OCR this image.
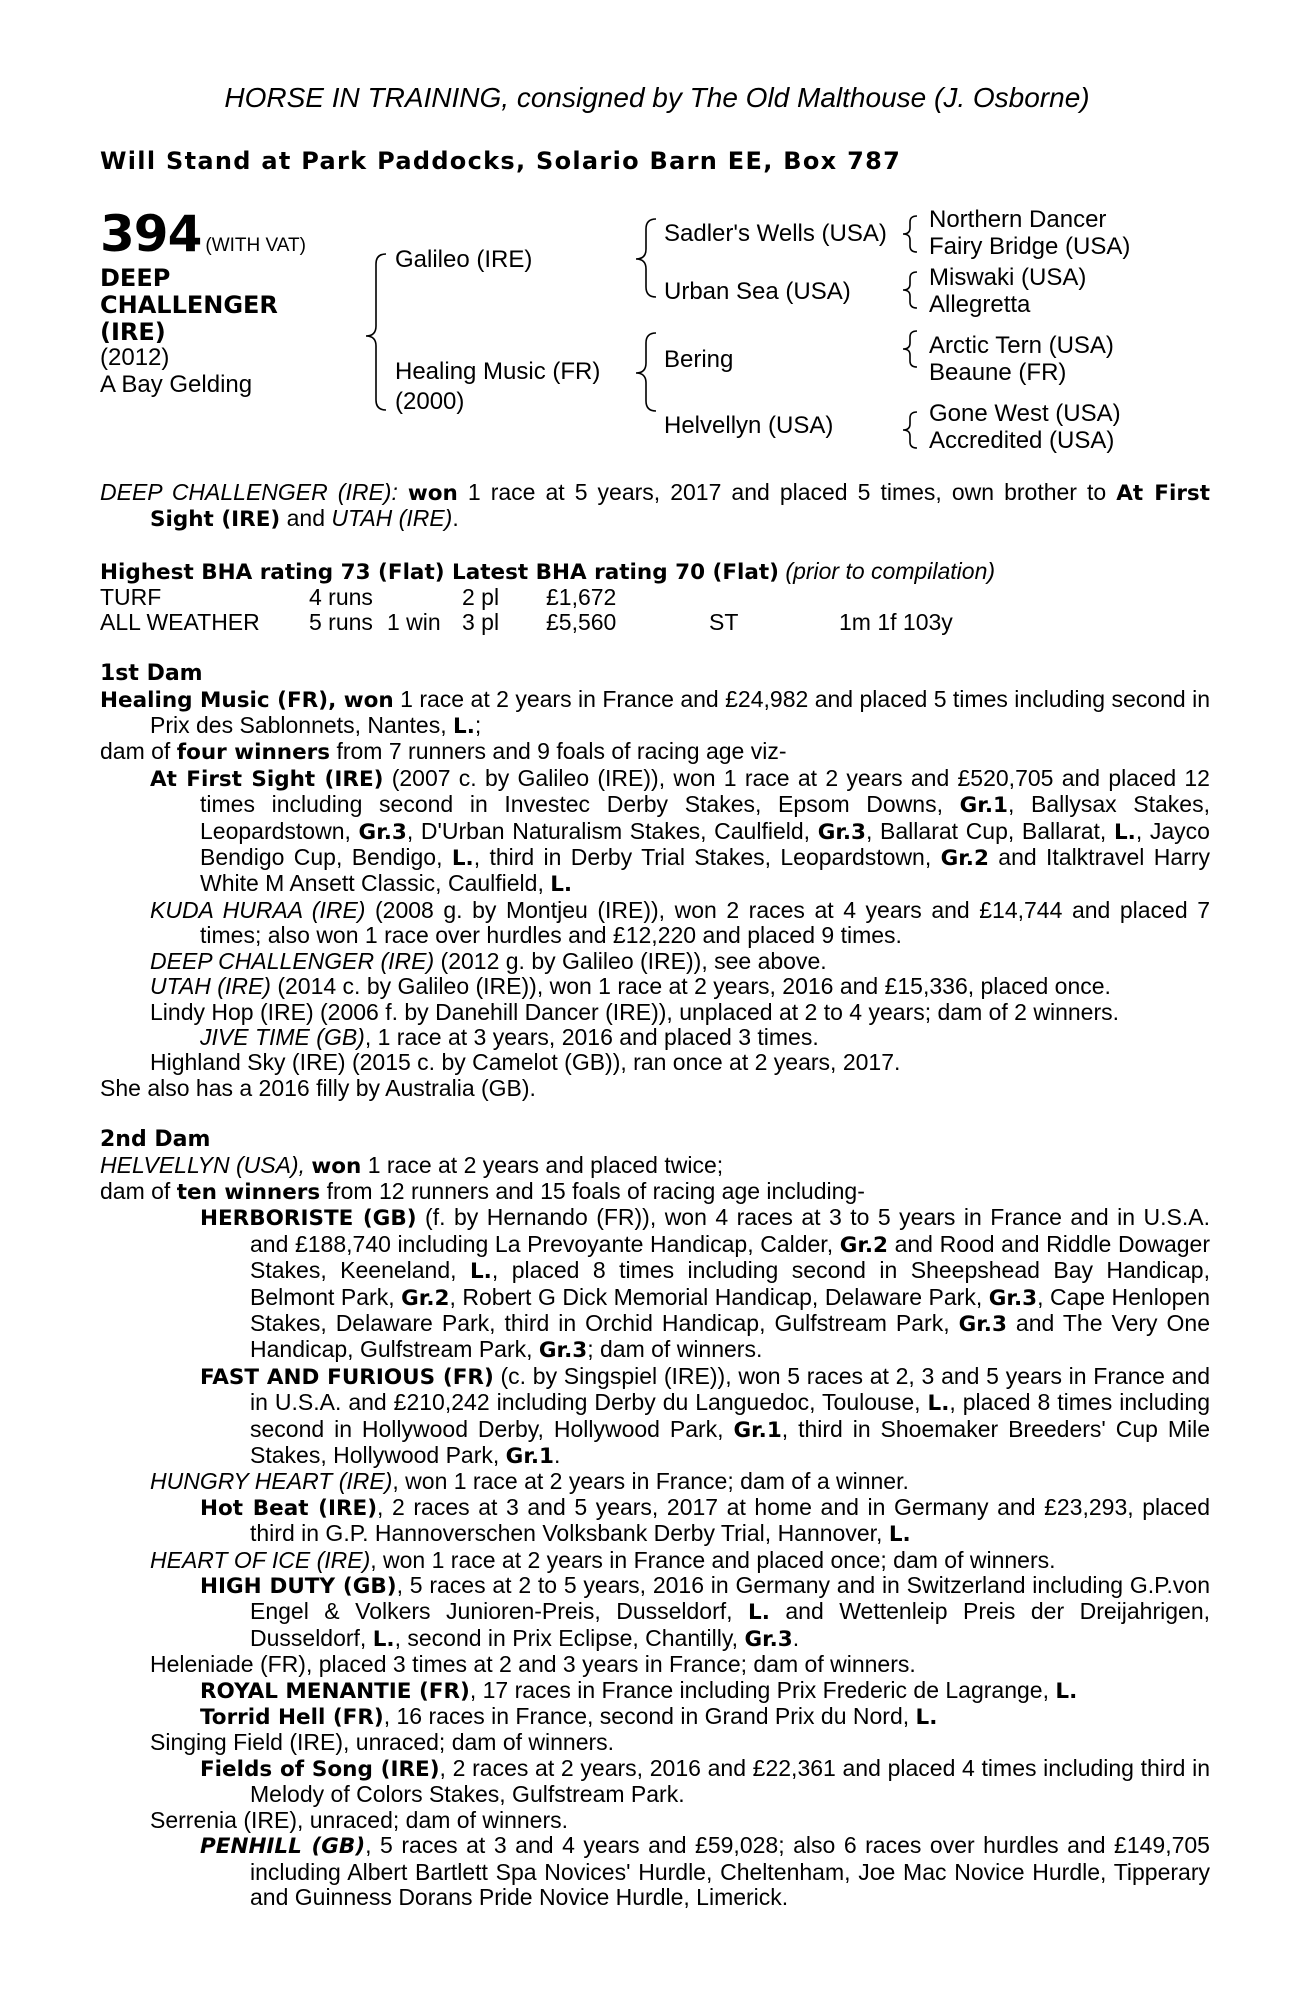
HORSE IN TRAINING, consigned by The Old Malthouse (J. Osborne)
Will Stand at Park Paddocks, Solario Barn EE, Box 787
394 (WITH VAT)
DEEP
CHALLENGER
(IRE)
(2012)
A Bay Gelding
Galileo (IRE)
Healing Music (FR)
(2000)
Sadler's Wells (USA)
Urban Sea (USA)
Bering
Helvellyn (USA)
Northern Dancer
Fairy Bridge (USA)
Miswaki (USA)
Allegretta
Arctic Tern (USA)
Beaune (FR)
Gone West (USA)
Accredited (USA)

DEEP CHALLENGER (IRE): won 1 race at 5 years, 2017 and placed 5 times, own brother to At First Sight (IRE) and UTAH (IRE).

Highest BHA rating 73 (Flat) Latest BHA rating 70 (Flat) (prior to compilation)

TURF	4 runs		2 pl	£1,672		
ALL WEATHER	5 runs	1 win	3 pl	£5,560	ST	1m 1f 103y

1st Dam

Healing Music (FR), won 1 race at 2 years in France and £24,982 and placed 5 times including second in Prix des Sablonnets, Nantes, L.;

dam of four winners from 7 runners and 9 foals of racing age viz-

At First Sight (IRE) (2007 c. by Galileo (IRE)), won 1 race at 2 years and £520,705 and placed 12 times including second in Investec Derby Stakes, Epsom Downs, Gr.1, Ballysax Stakes, Leopardstown, Gr.3, D'Urban Naturalism Stakes, Caulfield, Gr.3, Ballarat Cup, Ballarat, L., Jayco Bendigo Cup, Bendigo, L., third in Derby Trial Stakes, Leopardstown, Gr.2 and Italktravel Harry White M Ansett Classic, Caulfield, L.

KUDA HURAA (IRE) (2008 g. by Montjeu (IRE)), won 2 races at 4 years and £14,744 and placed 7 times; also won 1 race over hurdles and £12,220 and placed 9 times.

DEEP CHALLENGER (IRE) (2012 g. by Galileo (IRE)), see above.

UTAH (IRE) (2014 c. by Galileo (IRE)), won 1 race at 2 years, 2016 and £15,336, placed once.

Lindy Hop (IRE) (2006 f. by Danehill Dancer (IRE)), unplaced at 2 to 4 years; dam of 2 winners.

JIVE TIME (GB), 1 race at 3 years, 2016 and placed 3 times.

Highland Sky (IRE) (2015 c. by Camelot (GB)), ran once at 2 years, 2017.

She also has a 2016 filly by Australia (GB).

2nd Dam

HELVELLYN (USA), won 1 race at 2 years and placed twice;

dam of ten winners from 12 runners and 15 foals of racing age including-

HERBORISTE (GB) (f. by Hernando (FR)), won 4 races at 3 to 5 years in France and in U.S.A. and £188,740 including La Prevoyante Handicap, Calder, Gr.2 and Rood and Riddle Dowager Stakes, Keeneland, L., placed 8 times including second in Sheepshead Bay Handicap, Belmont Park, Gr.2, Robert G Dick Memorial Handicap, Delaware Park, Gr.3, Cape Henlopen Stakes, Delaware Park, third in Orchid Handicap, Gulfstream Park, Gr.3 and The Very One Handicap, Gulfstream Park, Gr.3; dam of winners.

FAST AND FURIOUS (FR) (c. by Singspiel (IRE)), won 5 races at 2, 3 and 5 years in France and in U.S.A. and £210,242 including Derby du Languedoc, Toulouse, L., placed 8 times including second in Hollywood Derby, Hollywood Park, Gr.1, third in Shoemaker Breeders' Cup Mile Stakes, Hollywood Park, Gr.1.

HUNGRY HEART (IRE), won 1 race at 2 years in France; dam of a winner.

Hot Beat (IRE), 2 races at 3 and 5 years, 2017 at home and in Germany and £23,293, placed third in G.P. Hannoverschen Volksbank Derby Trial, Hannover, L.

HEART OF ICE (IRE), won 1 race at 2 years in France and placed once; dam of winners.

HIGH DUTY (GB), 5 races at 2 to 5 years, 2016 in Germany and in Switzerland including G.P.von Engel & Volkers Junioren-Preis, Dusseldorf, L. and Wettenleip Preis der Dreijahrigen, Dusseldorf, L., second in Prix Eclipse, Chantilly, Gr.3.

Heleniade (FR), placed 3 times at 2 and 3 years in France; dam of winners.

ROYAL MENANTIE (FR), 17 races in France including Prix Frederic de Lagrange, L.

Torrid Hell (FR), 16 races in France, second in Grand Prix du Nord, L.

Singing Field (IRE), unraced; dam of winners.

Fields of Song (IRE), 2 races at 2 years, 2016 and £22,361 and placed 4 times including third in Melody of Colors Stakes, Gulfstream Park.

Serrenia (IRE), unraced; dam of winners.

PENHILL (GB), 5 races at 3 and 4 years and £59,028; also 6 races over hurdles and £149,705 including Albert Bartlett Spa Novices' Hurdle, Cheltenham, Joe Mac Novice Hurdle, Tipperary and Guinness Dorans Pride Novice Hurdle, Limerick.
